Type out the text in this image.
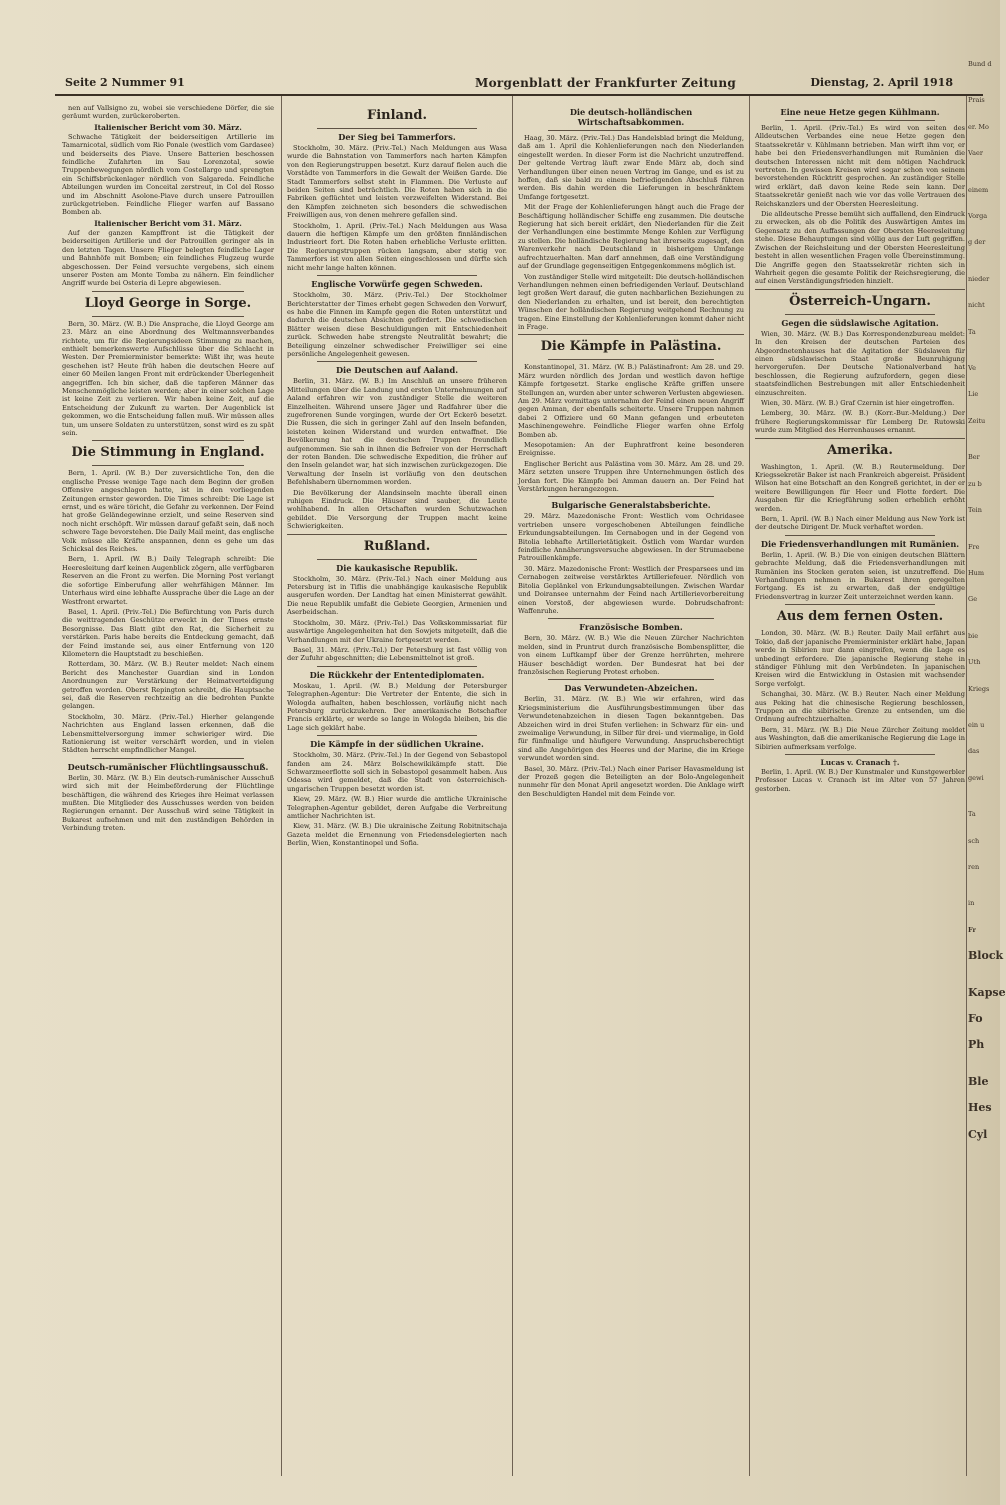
Seite 2 Nummer 91	Morgenblatt der Frankfurter Zeitung	Dienstag, 2. April 1918

nen auf Vallsigno zu, wobei sie verschiedene Dörfer, die sie geräumt wurden, zurückeroberten.

Italienischer Bericht vom 30. März.

Schwache Tätigkeit der beiderseitigen Artillerie im Tamarnicotal, südlich vom Rio Ponale (westlich vom Gardasee) und beiderseits des Piave. Unsere Batterien beschossen feindliche Zufahrten im Sau Lorenzotal, sowie Truppenbewegungen nördlich vom Costellargo und sprengten ein Schiffsbrückenlager nördlich von Salgareda. Feindliche Abteilungen wurden im Conceital zerstreut, in Col del Rosso und im Abschnitt Asolone-Piave durch unsere Patrouillen zurückgetrieben. Feindliche Flieger warfen auf Bassano Bomben ab.

Italienischer Bericht vom 31. März.

Auf der ganzen Kampffront ist die Tätigkeit der beiderseitigen Artillerie und der Patrouillen geringer als in den letzten Tagen. Unsere Flieger belegten feindliche Lager und Bahnhöfe mit Bomben; ein feindliches Flugzeug wurde abgeschossen. Der Feind versuchte vergebens, sich einem unserer Posten am Monte Tomba zu nähern. Ein feindlicher Angriff wurde bei Osteria di Lepre abgewiesen.

Lloyd George in Sorge.

Bern, 30. März. (W. B.) Die Ansprache, die Lloyd George am 23. März an eine Abordnung des Weltmannsverbandes richtete, um für die Regierungsideen Stimmung zu machen, enthielt bemerkenswerte Aufschlüsse über die Schlacht in Westen. Der Premierminister bemerkte: Wißt ihr, was heute geschehen ist? Heute früh haben die deutschen Heere auf einer 60 Meilen langen Front mit erdrückender Überlegenheit angegriffen. Ich bin sicher, daß die tapferen Männer das Menschenmögliche leisten werden; aber in einer solchen Lage ist keine Zeit zu verlieren. Wir haben keine Zeit, auf die Entscheidung der Zukunft zu warten. Der Augenblick ist gekommen, wo die Entscheidung fallen muß. Wir müssen alles tun, um unsere Soldaten zu unterstützen, sonst wird es zu spät sein.

Die Stimmung in England.

Bern, 1. April. (W. B.) Der zuversichtliche Ton, den die englische Presse wenige Tage nach dem Beginn der großen Offensive angeschlagen hatte, ist in den vorliegenden Zeitungen ernster geworden. Die Times schreibt: Die Lage ist ernst, und es wäre töricht, die Gefahr zu verkennen. Der Feind hat große Geländegewinne erzielt, und seine Reserven sind noch nicht erschöpft. Wir müssen darauf gefaßt sein, daß noch schwere Tage bevorstehen. Die Daily Mail meint, das englische Volk müsse alle Kräfte anspannen, denn es gehe um das Schicksal des Reiches.

Bern, 1. April. (W. B.) Daily Telegraph schreibt: Die Heeresleitung darf keinen Augenblick zögern, alle verfügbaren Reserven an die Front zu werfen. Die Morning Post verlangt die sofortige Einberufung aller wehrfähigen Männer. Im Unterhaus wird eine lebhafte Aussprache über die Lage an der Westfront erwartet.

Basel, 1. April. (Priv.-Tel.) Die Befürchtung von Paris durch die weittragenden Geschütze erweckt in der Times ernste Besorgnisse. Das Blatt gibt den Rat, die Sicherheit zu verstärken. Paris habe bereits die Entdeckung gemacht, daß der Feind imstande sei, aus einer Entfernung von 120 Kilometern die Hauptstadt zu beschießen.

Rotterdam, 30. März. (W. B.) Reuter meldet: Nach einem Bericht des Manchester Guardian sind in London Anordnungen zur Verstärkung der Heimatverteidigung getroffen worden. Oberst Repington schreibt, die Hauptsache sei, daß die Reserven rechtzeitig an die bedrohten Punkte gelangen.

Stockholm, 30. März. (Priv.-Tel.) Hierher gelangende Nachrichten aus England lassen erkennen, daß die Lebensmittelversorgung immer schwieriger wird. Die Rationierung ist weiter verschärft worden, und in vielen Städten herrscht empfindlicher Mangel.

Deutsch-rumänischer Flüchtlingsausschuß.

Berlin, 30. März. (W. B.) Ein deutsch-rumänischer Ausschuß wird sich mit der Heimbeförderung der Flüchtlinge beschäftigen, die während des Krieges ihre Heimat verlassen mußten. Die Mitglieder des Ausschusses werden von beiden Regierungen ernannt. Der Ausschuß wird seine Tätigkeit in Bukarest aufnehmen und mit den zuständigen Behörden in Verbindung treten.

Finland.
Der Sieg bei Tammerfors.

Stockholm, 30. März. (Priv.-Tel.) Nach Meldungen aus Wasa wurde die Bahnstation von Tammerfors nach harten Kämpfen von den Regierungstruppen besetzt. Kurz darauf fielen auch die Vorstädte von Tammerfors in die Gewalt der Weißen Garde. Die Stadt Tammerfors selbst steht in Flammen. Die Verluste auf beiden Seiten sind beträchtlich. Die Roten haben sich in die Fabriken geflüchtet und leisten verzweifelten Widerstand. Bei den Kämpfen zeichneten sich besonders die schwedischen Freiwilligen aus, von denen mehrere gefallen sind.

Stockholm, 1. April. (Priv.-Tel.) Nach Meldungen aus Wasa dauern die heftigen Kämpfe um den größten finnländischen Industrieort fort. Die Roten haben erhebliche Verluste erlitten. Die Regierungstruppen rücken langsam, aber stetig vor. Tammerfors ist von allen Seiten eingeschlossen und dürfte sich nicht mehr lange halten können.

Englische Vorwürfe gegen Schweden.

Stockholm, 30. März. (Priv.-Tel.) Der Stockholmer Berichterstatter der Times erhebt gegen Schweden den Vorwurf, es habe die Finnen im Kampfe gegen die Roten unterstützt und dadurch die deutschen Absichten gefördert. Die schwedischen Blätter weisen diese Beschuldigungen mit Entschiedenheit zurück. Schweden habe strengste Neutralität bewahrt; die Beteiligung einzelner schwedischer Freiwilliger sei eine persönliche Angelegenheit gewesen.

Die Deutschen auf Aaland.

Berlin, 31. März. (W. B.) Im Anschluß an unsere früheren Mitteilungen über die Landung und ersten Unternehmungen auf Aaland erfahren wir von zuständiger Stelle die weiteren Einzelheiten. Während unsere Jäger und Radfahrer über die zugefrorenen Sunde vorgingen, wurde der Ort Eckerö besetzt. Die Russen, die sich in geringer Zahl auf den Inseln befanden, leisteten keinen Widerstand und wurden entwaffnet. Die Bevölkerung hat die deutschen Truppen freundlich aufgenommen. Sie sah in ihnen die Befreier von der Herrschaft der roten Banden. Die schwedische Expedition, die früher auf den Inseln gelandet war, hat sich inzwischen zurückgezogen. Die Verwaltung der Inseln ist vorläufig von den deutschen Befehlshabern übernommen worden.

Die Bevölkerung der Alandsinseln machte überall einen ruhigen Eindruck. Die Häuser sind sauber, die Leute wohlhabend. In allen Ortschaften wurden Schutzwachen gebildet. Die Versorgung der Truppen macht keine Schwierigkeiten.

Rußland.
Die kaukasische Republik.

Stockholm, 30. März. (Priv.-Tel.) Nach einer Meldung aus Petersburg ist in Tiflis die unabhängige kaukasische Republik ausgerufen worden. Der Landtag hat einen Ministerrat gewählt. Die neue Republik umfaßt die Gebiete Georgien, Armenien und Aserbeidschan.

Stockholm, 30. März. (Priv.-Tel.) Das Volkskommissariat für auswärtige Angelegenheiten hat den Sowjets mitgeteilt, daß die Verhandlungen mit der Ukraine fortgesetzt werden.

Basel, 31. März. (Priv.-Tel.) Der Petersburg ist fast völlig von der Zufuhr abgeschnitten; die Lebensmittelnot ist groß.

Die Rückkehr der Ententediplomaten.

Moskau, 1. April. (W. B.) Meldung der Petersburger Telegraphen-Agentur: Die Vertreter der Entente, die sich in Wologda aufhalten, haben beschlossen, vorläufig nicht nach Petersburg zurückzukehren. Der amerikanische Botschafter Francis erklärte, er werde so lange in Wologda bleiben, bis die Lage sich geklärt habe.

Die Kämpfe in der südlichen Ukraine.

Stockholm, 30. März. (Priv.-Tel.) In der Gegend von Sebastopol fanden am 24. März Bolschewikikämpfe statt. Die Schwarzmeerflotte soll sich in Sebastopol gesammelt haben. Aus Odessa wird gemeldet, daß die Stadt von österreichisch-ungarischen Truppen besetzt worden ist.

Kiew, 29. März. (W. B.) Hier wurde die amtliche Ukrainische Telegraphen-Agentur gebildet, deren Aufgabe die Verbreitung amtlicher Nachrichten ist.

Kiew, 31. März. (W. B.) Die ukrainische Zeitung Robitnitschaja Gazeta meldet die Ernennung von Friedensdelegierten nach Berlin, Wien, Konstantinopel und Sofia.

Die deutsch-holländischen Wirtschaftsabkommen.

Haag, 30. März. (Priv.-Tel.) Das Handelsblad bringt die Meldung, daß am 1. April die Kohlenlieferungen nach den Niederlanden eingestellt werden. In dieser Form ist die Nachricht unzutreffend. Der geltende Vertrag läuft zwar Ende März ab, doch sind Verhandlungen über einen neuen Vertrag im Gange, und es ist zu hoffen, daß sie bald zu einem befriedigenden Abschluß führen werden. Bis dahin werden die Lieferungen in beschränktem Umfange fortgesetzt.

Mit der Frage der Kohlenlieferungen hängt auch die Frage der Beschäftigung holländischer Schiffe eng zusammen. Die deutsche Regierung hat sich bereit erklärt, den Niederlanden für die Zeit der Verhandlungen eine bestimmte Menge Kohlen zur Verfügung zu stellen. Die holländische Regierung hat ihrerseits zugesagt, den Warenverkehr nach Deutschland in bisherigem Umfange aufrechtzuerhalten. Man darf annehmen, daß eine Verständigung auf der Grundlage gegenseitigen Entgegenkommens möglich ist.

Von zuständiger Stelle wird mitgeteilt: Die deutsch-holländischen Verhandlungen nehmen einen befriedigenden Verlauf. Deutschland legt großen Wert darauf, die guten nachbarlichen Beziehungen zu den Niederlanden zu erhalten, und ist bereit, den berechtigten Wünschen der holländischen Regierung weitgehend Rechnung zu tragen. Eine Einstellung der Kohlenlieferungen kommt daher nicht in Frage.

Die Kämpfe in Palästina.

Konstantinopel, 31. März. (W. B.) Palästinafront: Am 28. und 29. März wurden nördlich des Jordan und westlich davon heftige Kämpfe fortgesetzt. Starke englische Kräfte griffen unsere Stellungen an, wurden aber unter schweren Verlusten abgewiesen. Am 29. März vormittags unternahm der Feind einen neuen Angriff gegen Amman, der ebenfalls scheiterte. Unsere Truppen nahmen dabei 2 Offiziere und 60 Mann gefangen und erbeuteten Maschinengewehre. Feindliche Flieger warfen ohne Erfolg Bomben ab.

Mesopotamien: An der Euphratfront keine besonderen Ereignisse.

Englischer Bericht aus Palästina vom 30. März. Am 28. und 29. März setzten unsere Truppen ihre Unternehmungen östlich des Jordan fort. Die Kämpfe bei Amman dauern an. Der Feind hat Verstärkungen herangezogen.

Bulgarische Generalstabsberichte.

29. März. Mazedonische Front: Westlich vom Ochridasee vertrieben unsere vorgeschobenen Abteilungen feindliche Erkundungsabteilungen. Im Cernabogen und in der Gegend von Bitolia lebhafte Artillerietätigkeit. Östlich vom Wardar wurden feindliche Annäherungsversuche abgewiesen. In der Strumaebene Patrouillenkämpfe.

30. März. Mazedonische Front: Westlich der Presparsees und im Cernabogen zeitweise verstärktes Artilleriefeuer. Nördlich von Bitolia Geplänkel von Erkundungsabteilungen. Zwischen Wardar und Doiransee unternahm der Feind nach Artillerievorbereitung einen Vorstoß, der abgewiesen wurde. Dobrudschafront: Waffenruhe.

Französische Bomben.

Bern, 30. März. (W. B.) Wie die Neuen Zürcher Nachrichten melden, sind in Pruntrut durch französische Bombensplitter, die von einem Luftkampf über der Grenze herrührten, mehrere Häuser beschädigt worden. Der Bundesrat hat bei der französischen Regierung Protest erhoben.

Das Verwundeten-Abzeichen.

Berlin, 31. März. (W. B.) Wie wir erfahren, wird das Kriegsministerium die Ausführungsbestimmungen über das Verwundetenabzeichen in diesen Tagen bekanntgeben. Das Abzeichen wird in drei Stufen verliehen: in Schwarz für ein- und zweimalige Verwundung, in Silber für drei- und viermalige, in Gold für fünfmalige und häufigere Verwundung. Anspruchsberechtigt sind alle Angehörigen des Heeres und der Marine, die im Kriege verwundet worden sind.

Basel, 30. März. (Priv.-Tel.) Nach einer Pariser Havasmeldung ist der Prozeß gegen die Beteiligten an der Bolo-Angelegenheit nunmehr für den Monat April angesetzt worden. Die Anklage wirft den Beschuldigten Handel mit dem Feinde vor.

Eine neue Hetze gegen Kühlmann.

Berlin, 1. April. (Priv.-Tel.) Es wird von seiten des Alldeutschen Verbandes eine neue Hetze gegen den Staatssekretär v. Kühlmann betrieben. Man wirft ihm vor, er habe bei den Friedensverhandlungen mit Rumänien die deutschen Interessen nicht mit dem nötigen Nachdruck vertreten. In gewissen Kreisen wird sogar schon von seinem bevorstehenden Rücktritt gesprochen. An zuständiger Stelle wird erklärt, daß davon keine Rede sein kann. Der Staatssekretär genießt nach wie vor das volle Vertrauen des Reichskanzlers und der Obersten Heeresleitung.

Die alldeutsche Presse bemüht sich auffallend, den Eindruck zu erwecken, als ob die Politik des Auswärtigen Amtes im Gegensatz zu den Auffassungen der Obersten Heeresleitung stehe. Diese Behauptungen sind völlig aus der Luft gegriffen. Zwischen der Reichsleitung und der Obersten Heeresleitung besteht in allen wesentlichen Fragen volle Übereinstimmung. Die Angriffe gegen den Staatssekretär richten sich in Wahrheit gegen die gesamte Politik der Reichsregierung, die auf einen Verständigungsfrieden hinzielt.

Österreich-Ungarn.
Gegen die südslawische Agitation.

Wien, 30. März. (W. B.) Das Korrespondenzbureau meldet: In den Kreisen der deutschen Parteien des Abgeordnetenhauses hat die Agitation der Südslawen für einen südslawischen Staat große Beunruhigung hervorgerufen. Der Deutsche Nationalverband hat beschlossen, die Regierung aufzufordern, gegen diese staatsfeindlichen Bestrebungen mit aller Entschiedenheit einzuschreiten.

Wien, 30. März. (W. B.) Graf Czernin ist hier eingetroffen.

Lemberg, 30. März. (W. B.) (Korr.-Bur.-Meldung.) Der frühere Regierungskommissar für Lemberg Dr. Rutowski wurde zum Mitglied des Herrenhauses ernannt.

Amerika.

Washington, 1. April. (W. B.) Reutermeldung. Der Kriegssekretär Baker ist nach Frankreich abgereist. Präsident Wilson hat eine Botschaft an den Kongreß gerichtet, in der er weitere Bewilligungen für Heer und Flotte fordert. Die Ausgaben für die Kriegführung sollen erheblich erhöht werden.

Bern, 1. April. (W. B.) Nach einer Meldung aus New York ist der deutsche Dirigent Dr. Muck verhaftet worden.

Die Friedensverhandlungen mit Rumänien.

Berlin, 1. April. (W. B.) Die von einigen deutschen Blättern gebrachte Meldung, daß die Friedensverhandlungen mit Rumänien ins Stocken geraten seien, ist unzutreffend. Die Verhandlungen nehmen in Bukarest ihren geregelten Fortgang. Es ist zu erwarten, daß der endgültige Friedensvertrag in kurzer Zeit unterzeichnet werden kann.

Aus dem fernen Osten.

London, 30. März. (W. B.) Reuter. Daily Mail erfährt aus Tokio, daß der japanische Premierminister erklärt habe, Japan werde in Sibirien nur dann eingreifen, wenn die Lage es unbedingt erfordere. Die japanische Regierung stehe in ständiger Fühlung mit den Verbündeten. In japanischen Kreisen wird die Entwicklung in Ostasien mit wachsender Sorge verfolgt.

Schanghai, 30. März. (W. B.) Reuter. Nach einer Meldung aus Peking hat die chinesische Regierung beschlossen, Truppen an die sibirische Grenze zu entsenden, um die Ordnung aufrechtzuerhalten.

Bern, 31. März. (W. B.) Die Neue Zürcher Zeitung meldet aus Washington, daß die amerikanische Regierung die Lage in Sibirien aufmerksam verfolge.

Lucas v. Cranach †.

Berlin, 1. April. (W. B.) Der Kunstmaler und Kunstgewerbler Professor Lucas v. Cranach ist im Alter von 57 Jahren gestorben.

Bund d
Prais
er. Mo
Vaer
einem
Vorga
g der
nieder
nicht
Ta
Ve
Lie
Zeitu
Ber
zu b
Tein
Fre
Hum
Ge
bie
Uth
Kriegs
ein u
das
gewi
Ta
sch
ren
in
Fr
Block
Kapse
Fo
Ph
Ble
Hes
Cyl
